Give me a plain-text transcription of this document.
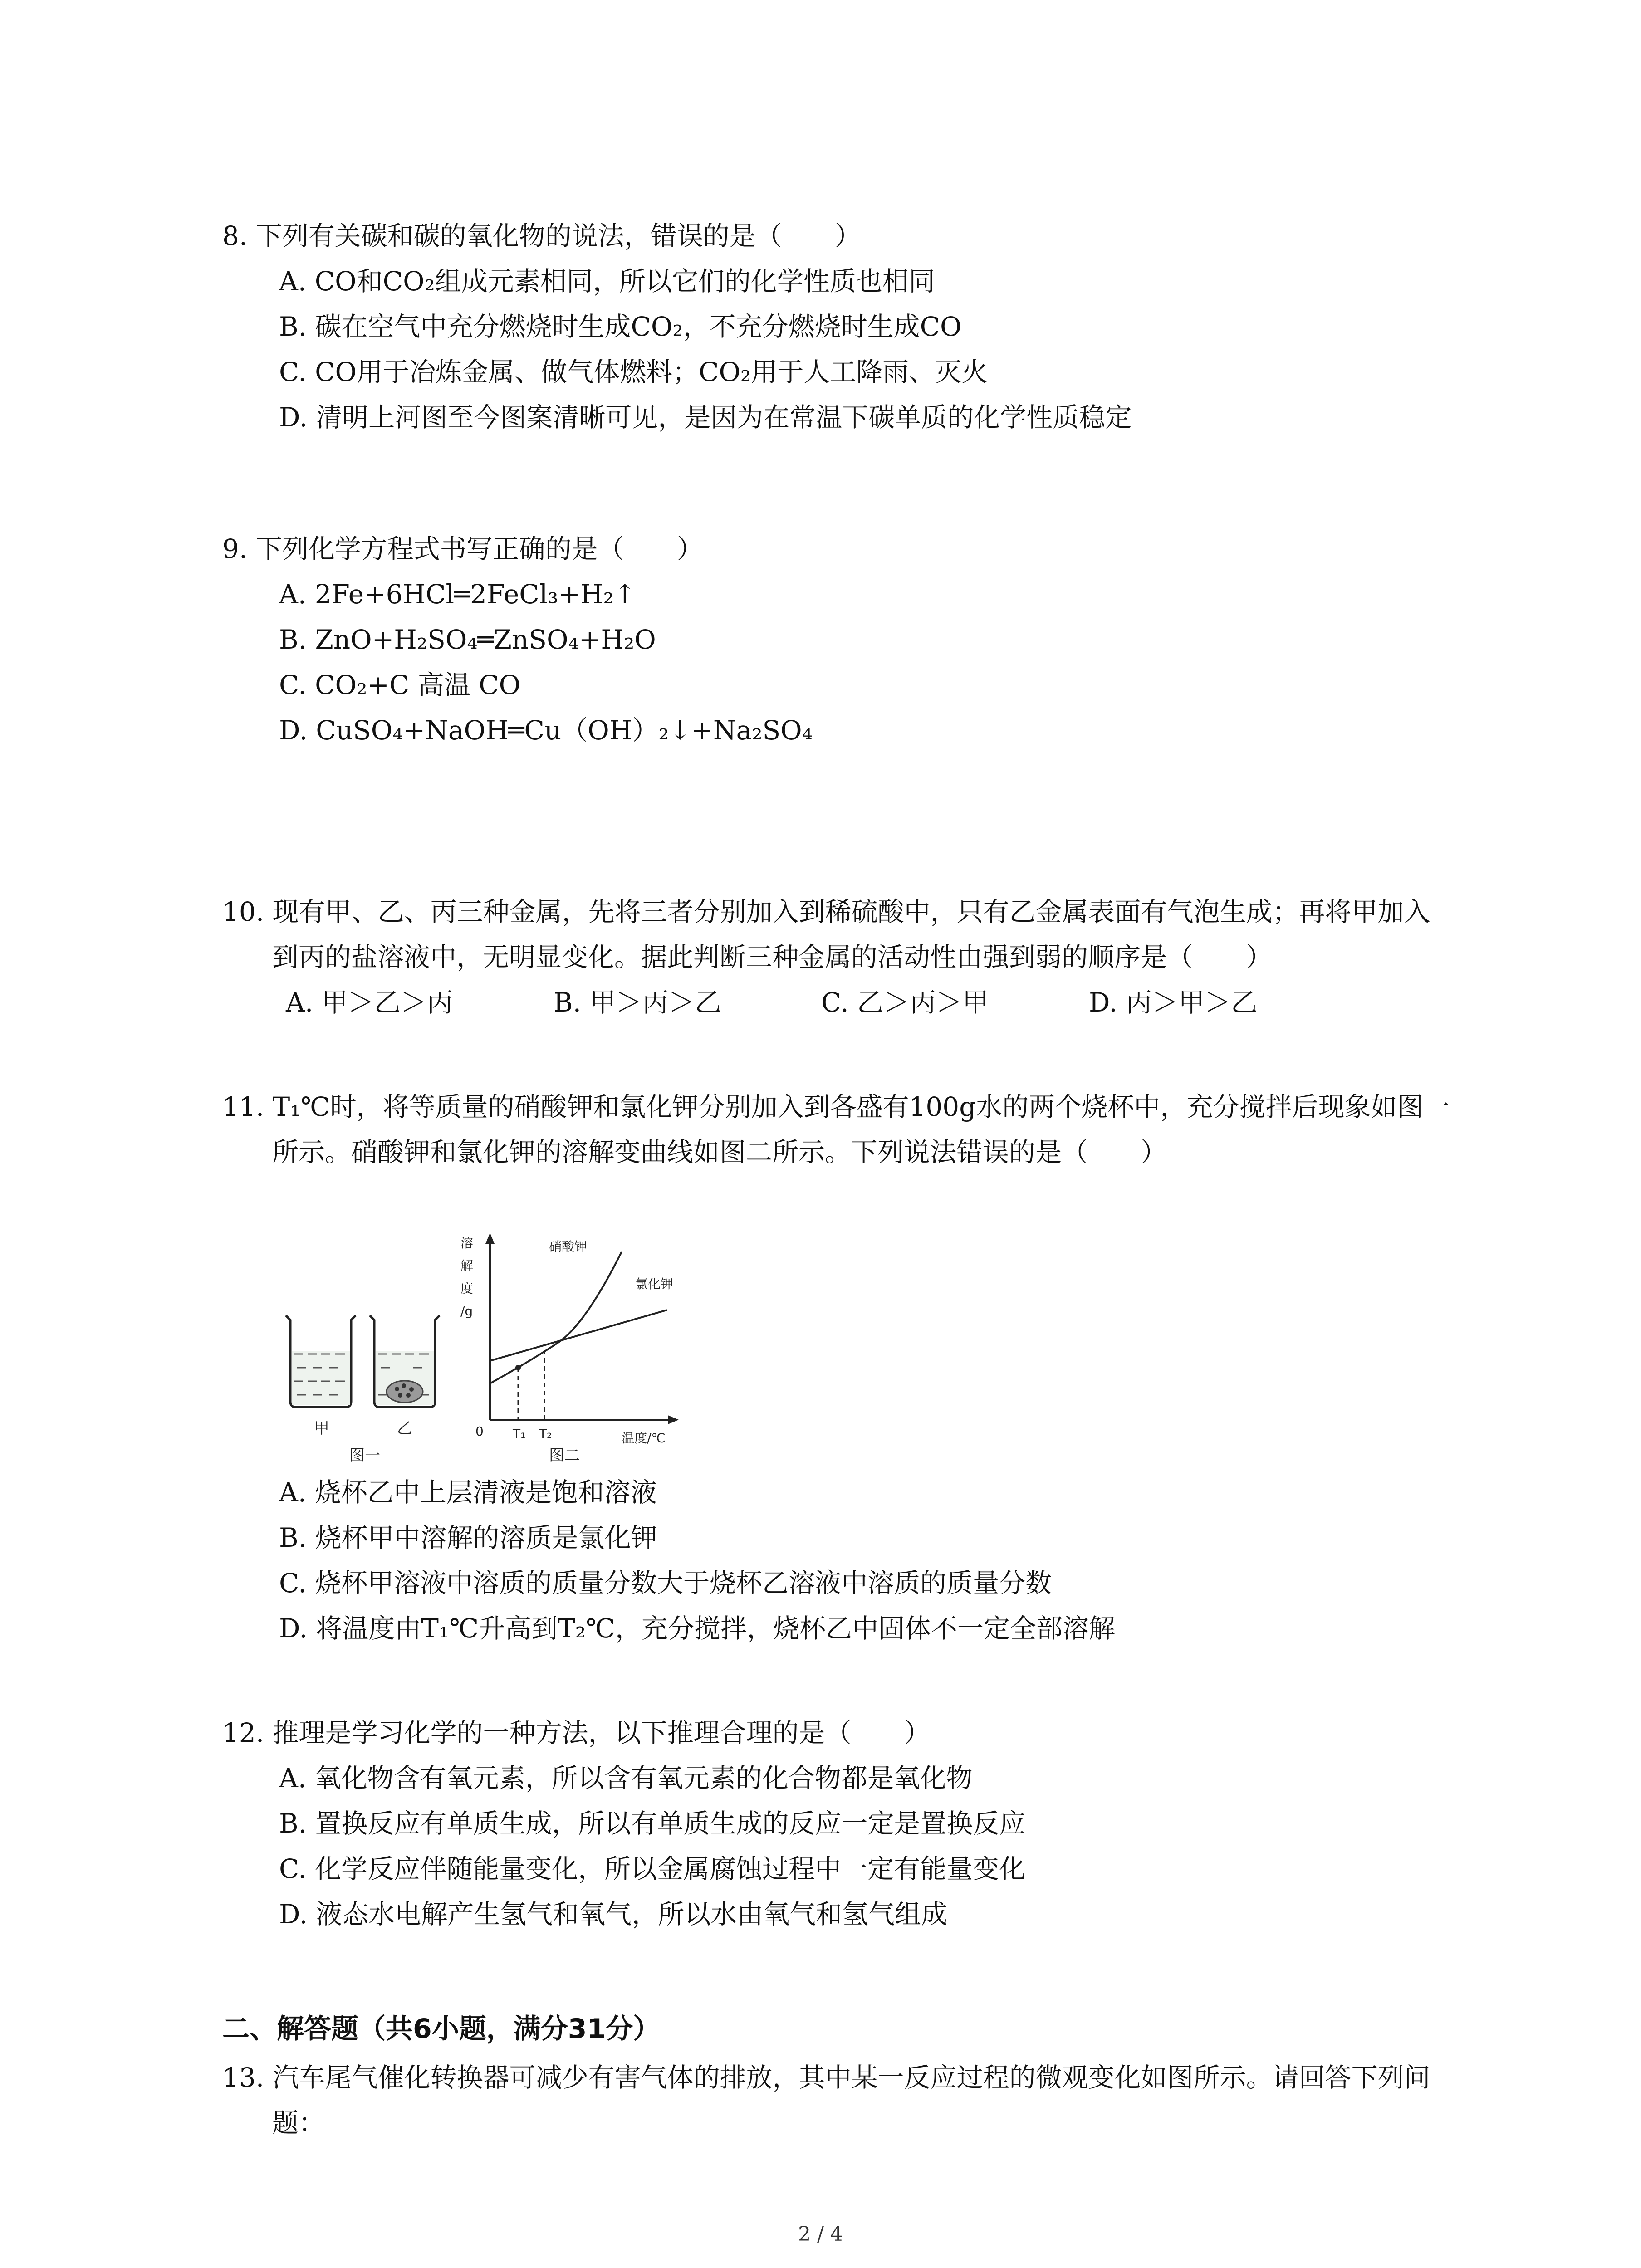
8. 下列有关碳和碳的氧化物的说法，错误的是（　　）
A. CO和CO₂组成元素相同，所以它们的化学性质也相同
B. 碳在空气中充分燃烧时生成CO₂，不充分燃烧时生成CO
C. CO用于冶炼金属、做气体燃料；CO₂用于人工降雨、灭火
D. 清明上河图至今图案清晰可见，是因为在常温下碳单质的化学性质稳定
9. 下列化学方程式书写正确的是（　　）
A. 2Fe+6HCl═2FeCl₃+H₂↑
B. ZnO+H₂SO₄═ZnSO₄+H₂O
C. CO₂+C 高温 CO
D. CuSO₄+NaOH═Cu（OH）₂↓+Na₂SO₄
10. 现有甲、乙、丙三种金属，先将三者分别加入到稀硫酸中，只有乙金属表面有气泡生成；再将甲加入到丙的盐溶液中，无明显变化。据此判断三种金属的活动性由强到弱的顺序是（　　）
A. 甲＞乙＞丙	B. 甲＞丙＞乙	C. 乙＞丙＞甲	D. 丙＞甲＞乙
11. T₁℃时，将等质量的硝酸钾和氯化钾分别加入到各盛有100g水的两个烧杯中，充分搅拌后现象如图一所示。硝酸钾和氯化钾的溶解变曲线如图二所示。下列说法错误的是（　　）
甲	乙
图一
溶
解
度
/g
0 T₁ T₂	温度/℃
硝酸钾
氯化钾
图二
A. 烧杯乙中上层清液是饱和溶液
B. 烧杯甲中溶解的溶质是氯化钾
C. 烧杯甲溶液中溶质的质量分数大于烧杯乙溶液中溶质的质量分数
D. 将温度由T₁℃升高到T₂℃，充分搅拌，烧杯乙中固体不一定全部溶解
12. 推理是学习化学的一种方法，以下推理合理的是（　　）
A. 氧化物含有氧元素，所以含有氧元素的化合物都是氧化物
B. 置换反应有单质生成，所以有单质生成的反应一定是置换反应
C. 化学反应伴随能量变化，所以金属腐蚀过程中一定有能量变化
D. 液态水电解产生氢气和氧气，所以水由氧气和氢气组成
二、解答题（共6小题，满分31分）
13. 汽车尾气催化转换器可减少有害气体的排放，其中某一反应过程的微观变化如图所示。请回答下列问题：
2 / 4
